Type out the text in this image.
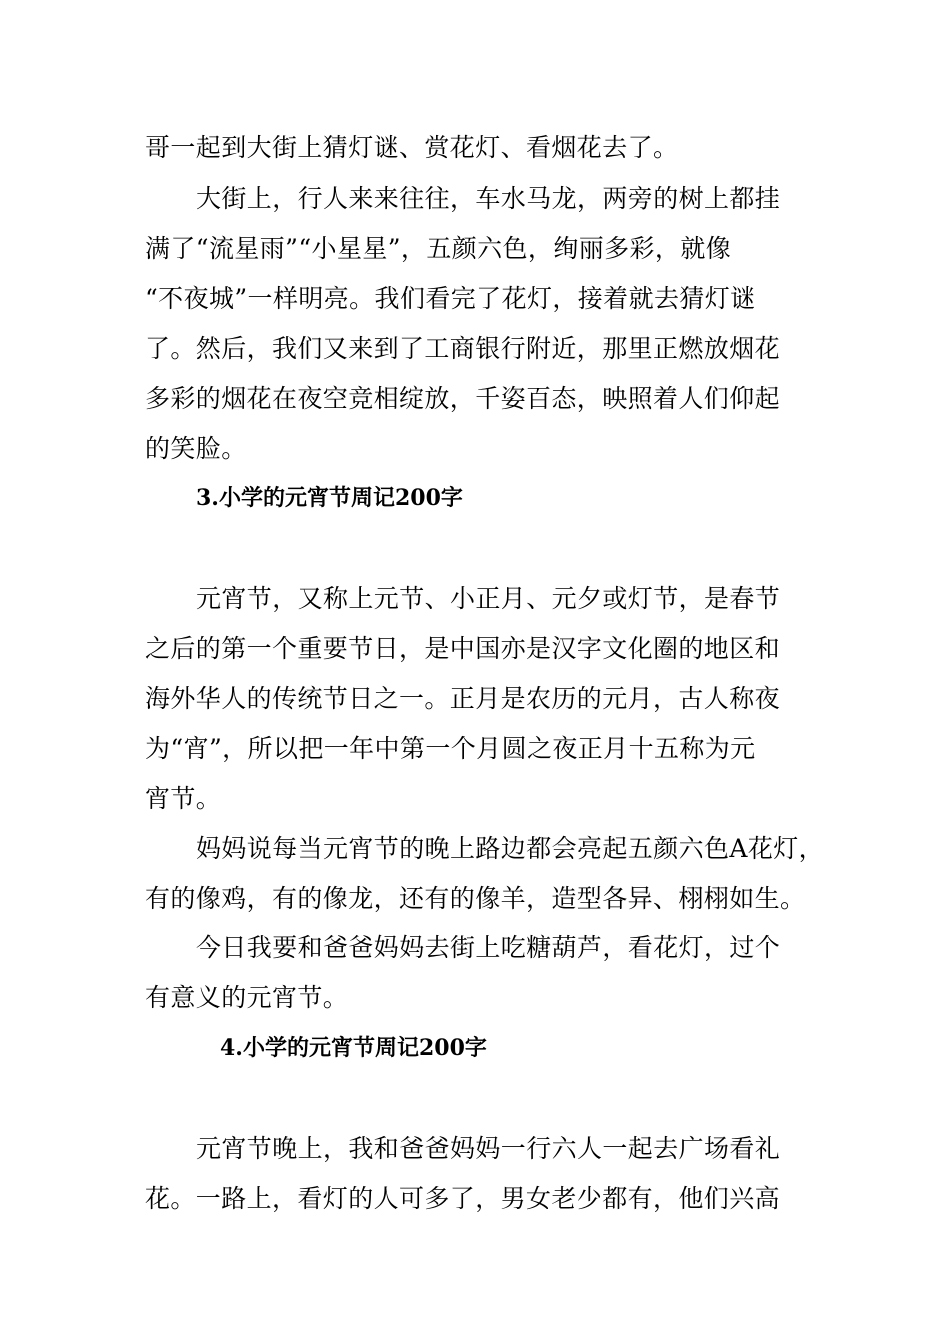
哥一起到大街上猜灯谜、赏花灯、看烟花去了。

大街上，行人来来往往，车水马龙，两旁的树上都挂

满了“流星雨”“小星星”，五颜六色，绚丽多彩，就像

“不夜城”一样明亮。我们看完了花灯，接着就去猜灯谜

了。然后，我们又来到了工商银行附近，那里正燃放烟花

多彩的烟花在夜空竞相绽放，千姿百态，映照着人们仰起

的笑脸。

3.小学的元宵节周记200字

元宵节，又称上元节、小正月、元夕或灯节，是春节

之后的第一个重要节日，是中国亦是汉字文化圈的地区和

海外华人的传统节日之一。正月是农历的元月，古人称夜

为“宵”，所以把一年中第一个月圆之夜正月十五称为元

宵节。

妈妈说每当元宵节的晚上路边都会亮起五颜六色A花灯，

有的像鸡，有的像龙，还有的像羊，造型各异、栩栩如生。

今日我要和爸爸妈妈去街上吃糖葫芦，看花灯，过个

有意义的元宵节。

4.小学的元宵节周记200字

元宵节晚上，我和爸爸妈妈一行六人一起去广场看礼

花。一路上，看灯的人可多了，男女老少都有，他们兴高
